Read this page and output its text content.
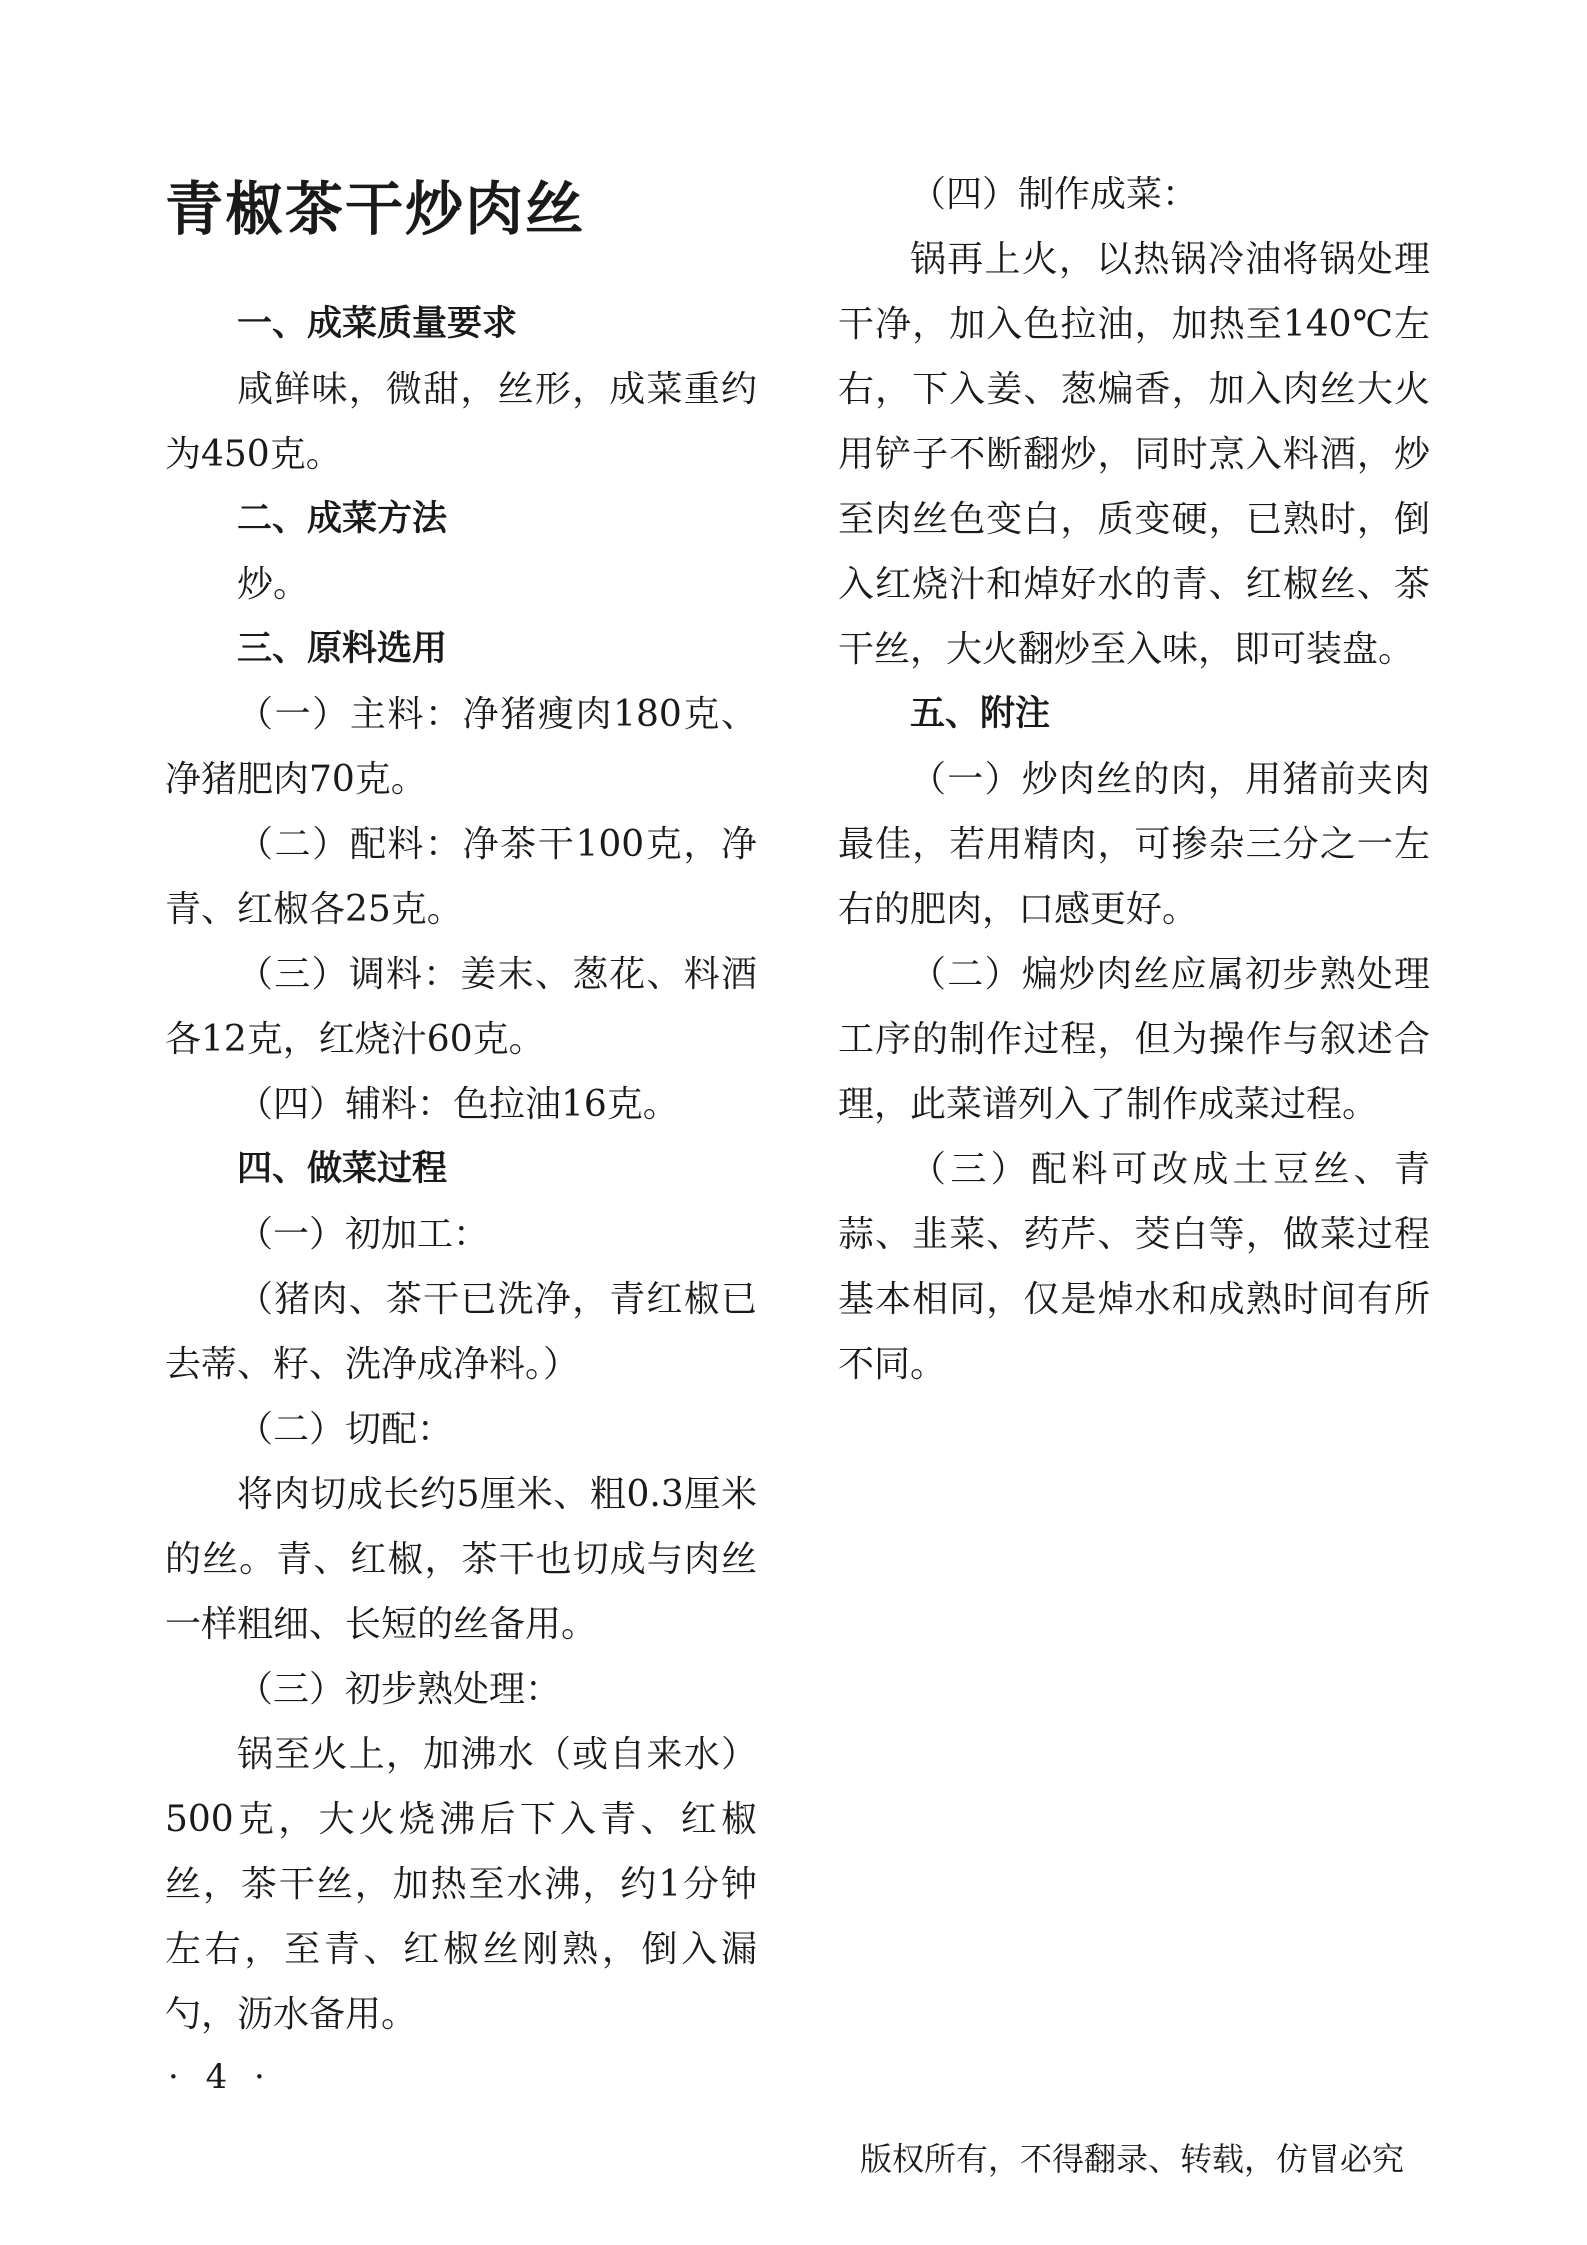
青椒茶干炒肉丝
一、成菜质量要求

咸鲜味，微甜，丝形，成菜重约为450克。

二、成菜方法

炒。

三、原料选用

（一）主料：净猪瘦肉180克、净猪肥肉70克。

（二）配料：净茶干100克，净青、红椒各25克。

（三）调料：姜末、葱花、料酒各12克，红烧汁60克。

（四）辅料：色拉油16克。

四、做菜过程

（一）初加工：

（猪肉、茶干已洗净，青红椒已去蒂、籽、洗净成净料。）

（二）切配：

将肉切成长约5厘米、粗0.3厘米的丝。青、红椒，茶干也切成与肉丝一样粗细、长短的丝备用。

（三）初步熟处理：

锅至火上，加沸水（或自来水）500克，大火烧沸后下入青、红椒丝，茶干丝，加热至水沸，约1分钟左右，至青、红椒丝刚熟，倒入漏勺，沥水备用。

（四）制作成菜：

锅再上火，以热锅冷油将锅处理干净，加入色拉油，加热至140℃左右，下入姜、葱煸香，加入肉丝大火用铲子不断翻炒，同时烹入料酒，炒至肉丝色变白，质变硬，已熟时，倒入红烧汁和焯好水的青、红椒丝、茶干丝，大火翻炒至入味，即可装盘。

五、附注

（一）炒肉丝的肉，用猪前夹肉最佳，若用精肉，可掺杂三分之一左右的肥肉，口感更好。

（二）煸炒肉丝应属初步熟处理工序的制作过程，但为操作与叙述合理，此菜谱列入了制作成菜过程。

（三）配料可改成土豆丝、青蒜、韭菜、药芹、茭白等，做菜过程基本相同，仅是焯水和成熟时间有所不同。

· 4 ·
版权所有，不得翻录、转载，仿冒必究
